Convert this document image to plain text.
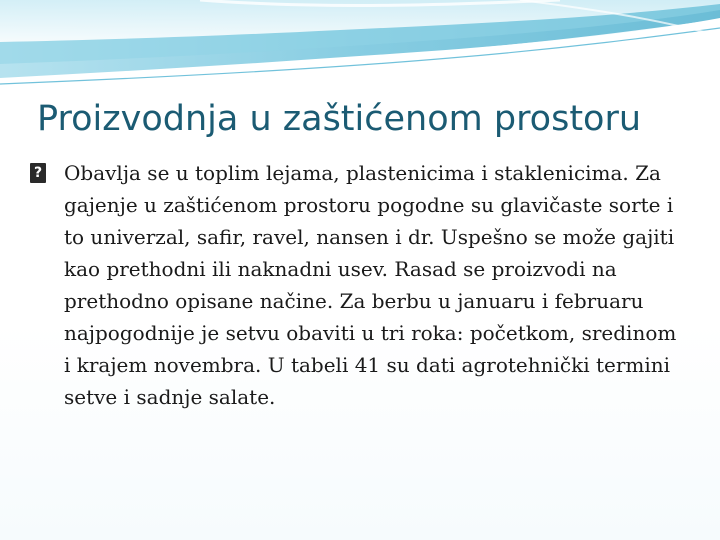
Proizvodnja u zaštićenom prostoru
? Obavlja se u toplim lejama, plastenicima i staklenicima. Za gajenje u zaštićenom prostoru pogodne su glavičaste sorte i to univerzal, safir, ravel, nansen i dr. Uspešno se može gajiti kao prethodni ili naknadni usev. Rasad se proizvodi na prethodno opisane načine. Za berbu u januaru i februaru najpogodnije je setvu obaviti u tri roka: početkom, sredinom i krajem novembra. U tabeli 41 su dati agrotehnički termini setve i sadnje salate.
